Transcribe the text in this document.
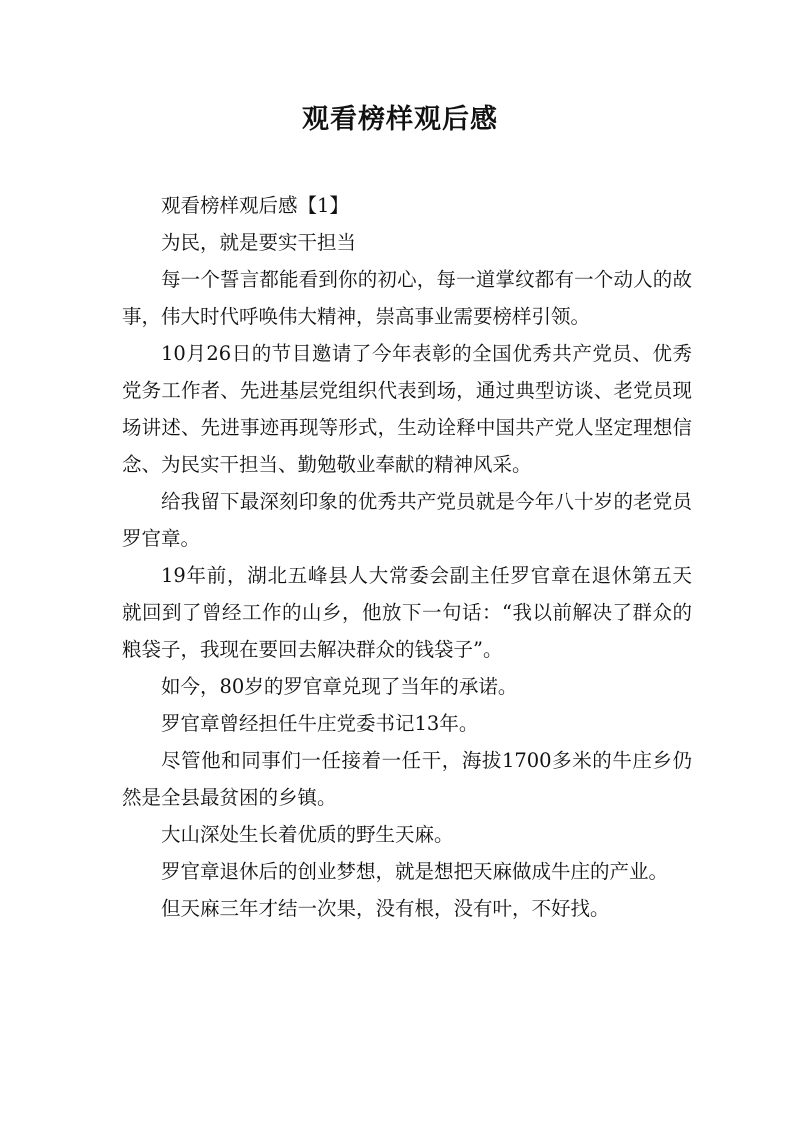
观看榜样观后感

观看榜样观后感【1】

为民，就是要实干担当

每一个誓言都能看到你的初心，每一道掌纹都有一个动人的故事，伟大时代呼唤伟大精神，崇高事业需要榜样引领。

10月26日的节目邀请了今年表彰的全国优秀共产党员、优秀党务工作者、先进基层党组织代表到场，通过典型访谈、老党员现场讲述、先进事迹再现等形式，生动诠释中国共产党人坚定理想信念、为民实干担当、勤勉敬业奉献的精神风采。

给我留下最深刻印象的优秀共产党员就是今年八十岁的老党员罗官章。

19年前，湖北五峰县人大常委会副主任罗官章在退休第五天就回到了曾经工作的山乡，他放下一句话：“我以前解决了群众的粮袋子，我现在要回去解决群众的钱袋子”。

如今，80岁的罗官章兑现了当年的承诺。

罗官章曾经担任牛庄党委书记13年。

尽管他和同事们一任接着一任干，海拔1700多米的牛庄乡仍然是全县最贫困的乡镇。

大山深处生长着优质的野生天麻。

罗官章退休后的创业梦想，就是想把天麻做成牛庄的产业。

但天麻三年才结一次果，没有根，没有叶，不好找。
